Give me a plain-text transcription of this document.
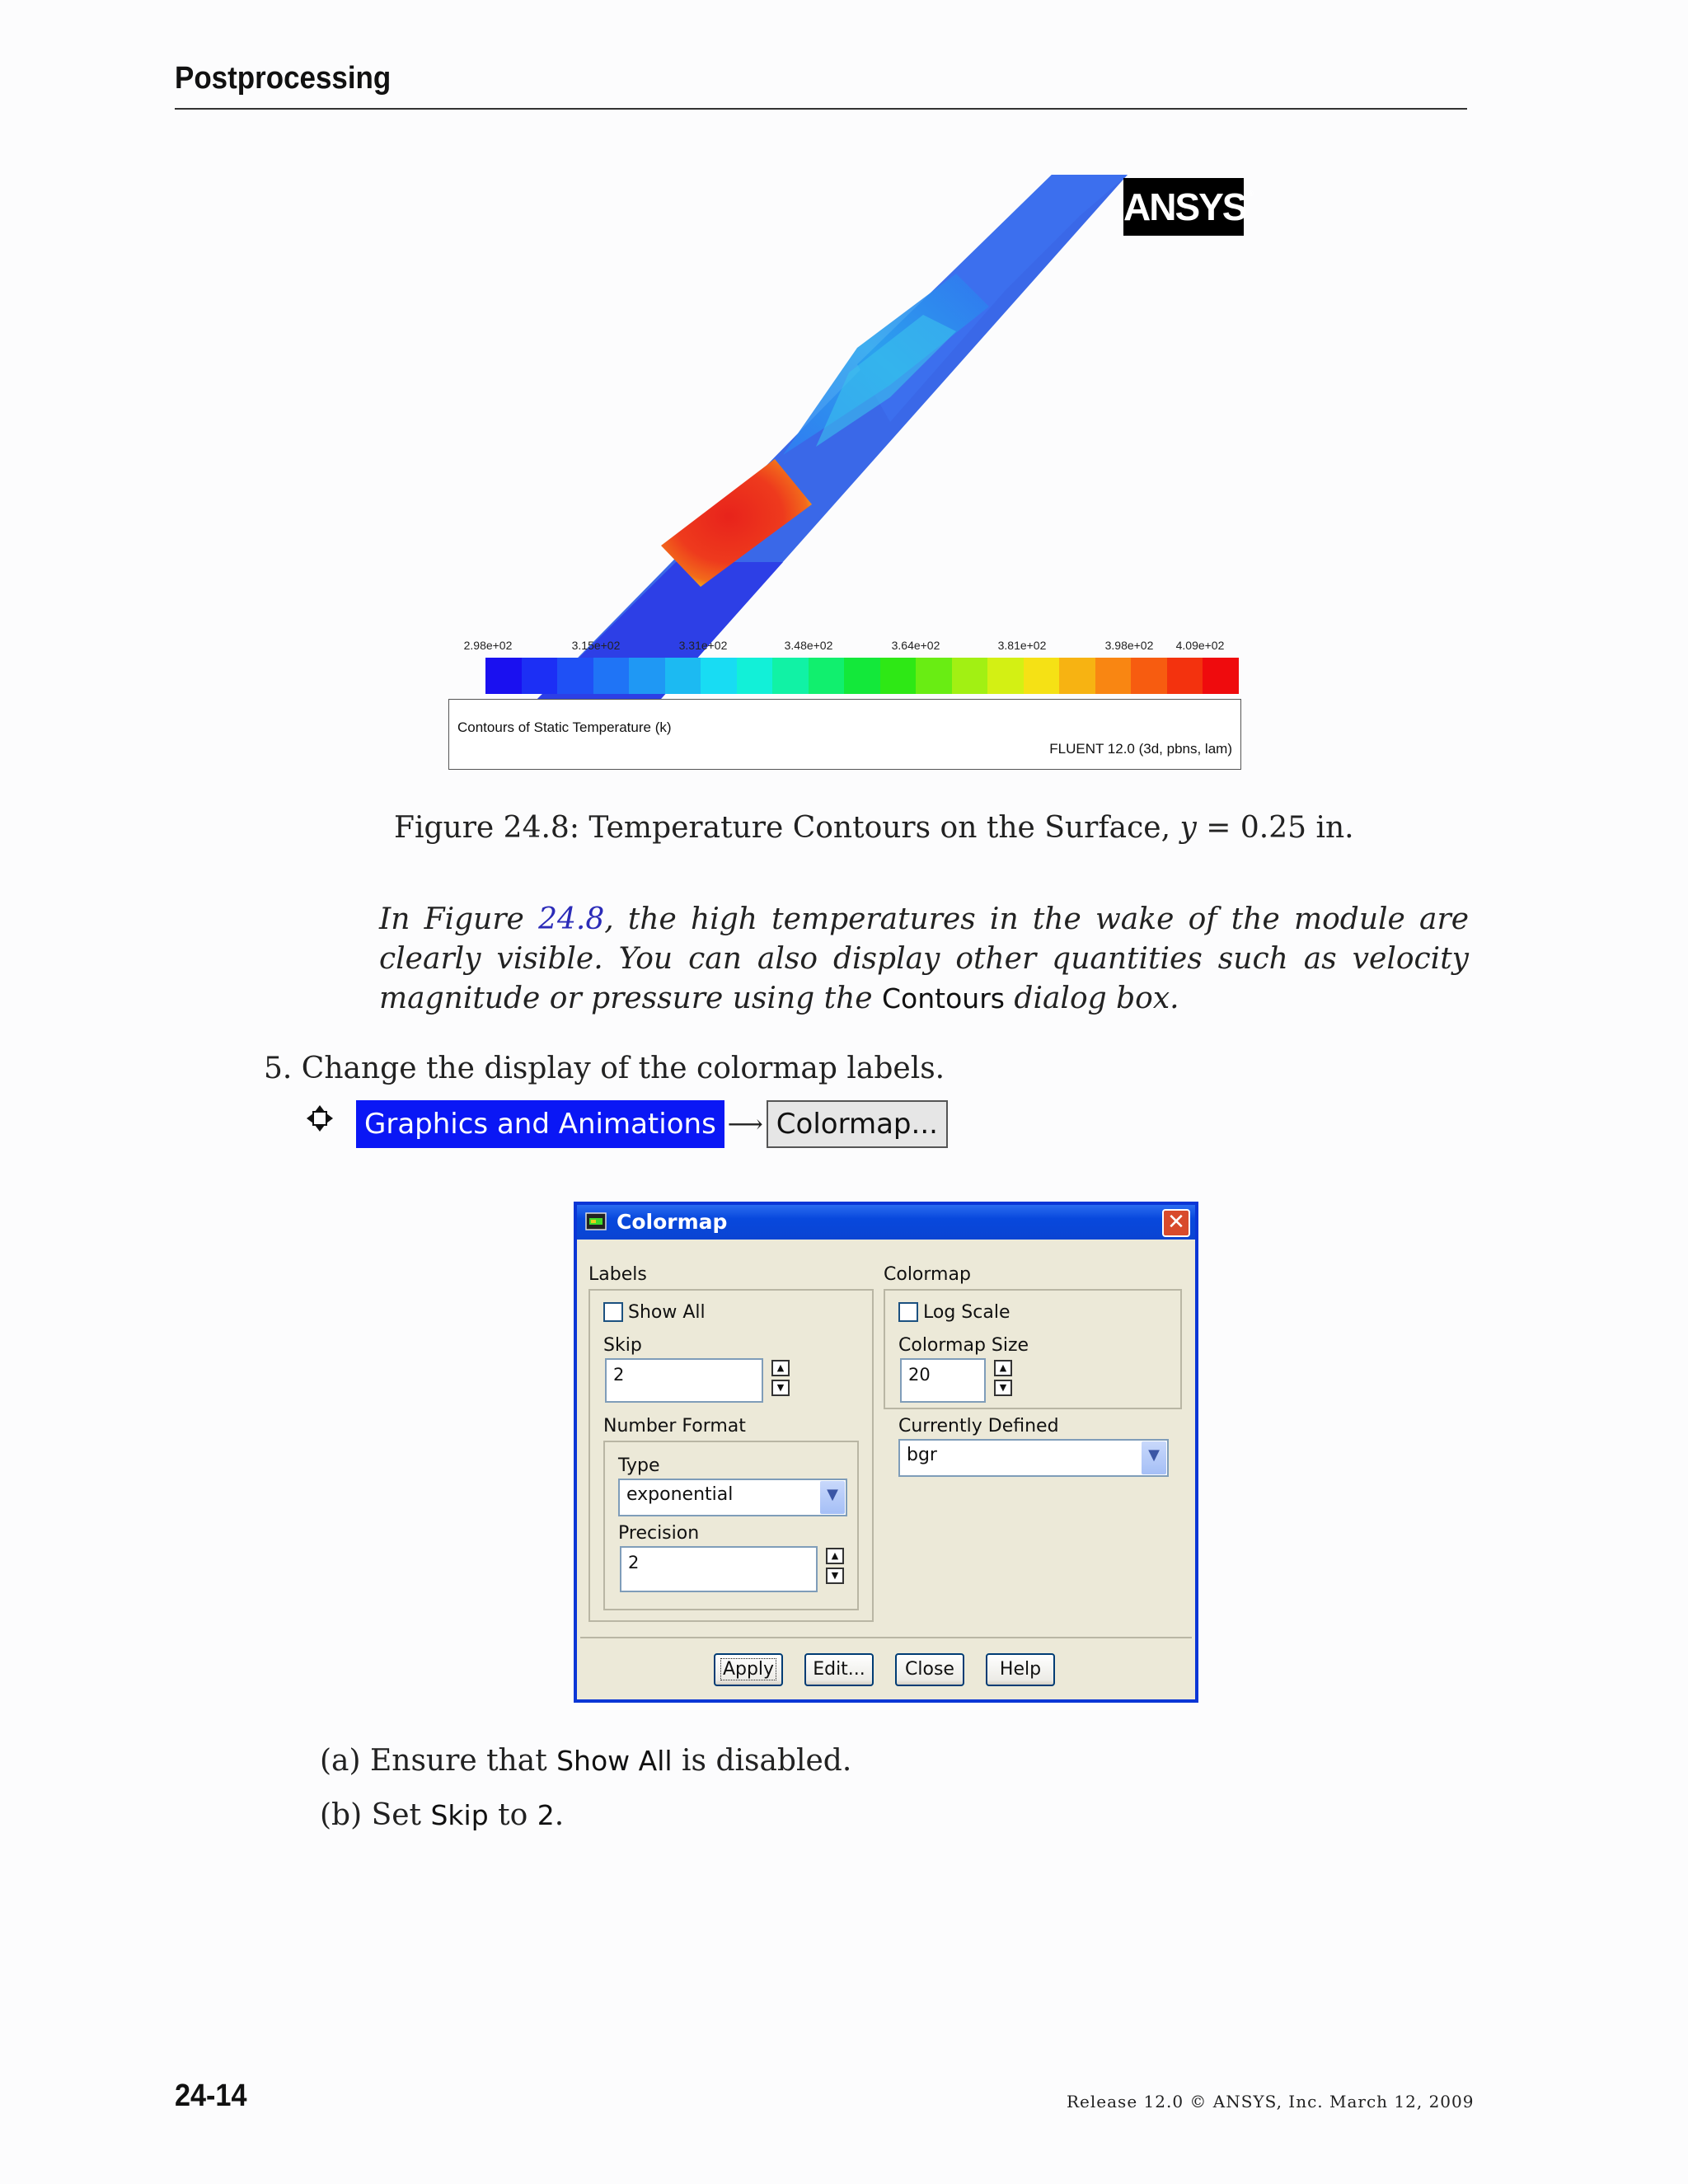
Postprocessing
ANSYS ®
2.98e+02	3.15e+02	3.31e+02	3.48e+02	3.64e+02	3.81e+02	3.98e+02 4.09e+02
Contours of Static Temperature (k)
FLUENT 12.0 (3d, pbns, lam)
Figure 24.8: Temperature Contours on the Surface, y = 0.25 in.
In Figure 24.8, the high temperatures in the wake of the module are clearly visible. You can also display other quantities such as velocity magnitude or pressure using the Contours dialog box.
5. Change the display of the colormap labels.
Graphics and Animations ⟶ Colormap...
Colormap	✕
Labels
Show All
Skip
2	▲
▼
Number Format
Type
exponential	▼
Precision
2	▲
▼
Colormap
Log Scale
Colormap Size
20	▲
▼
Currently Defined
bgr	▼
Apply	Edit...	Close	Help
(a) Ensure that Show All is disabled.
(b) Set Skip to 2.
24-14	Release 12.0 © ANSYS, Inc. March 12, 2009
